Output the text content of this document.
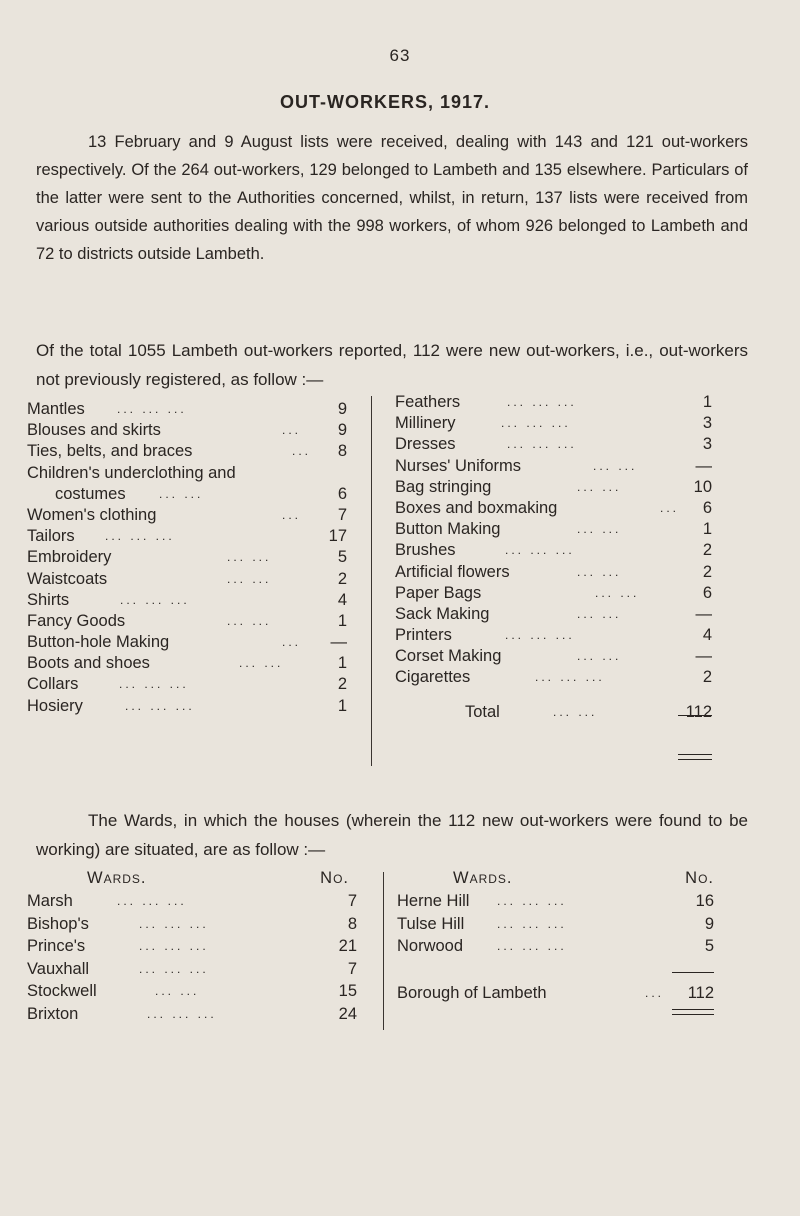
63
OUT-WORKERS, 1917.

13 February and 9 August lists were received, dealing with 143 and 121 out-workers respectively. Of the 264 out-workers, 129 belonged to Lambeth and 135 elsewhere. Particulars of the latter were sent to the Authorities concerned, whilst, in return, 137 lists were received from various outside authorities dealing with the 998 workers, of whom 926 belonged to Lambeth and 72 to districts outside Lambeth.

Of the total 1055 Lambeth out-workers reported, 112 were new out-workers, i.e., out-workers not previously registered, as follow :—

Mantles	... ... ...	9
Blouses and skirts	... 9
Ties, belts, and braces	... 8
Children's underclothing and
costumes	... ...	6
Women's clothing	... 7
Tailors	... ... ...	17
Embroidery	... ...	5
Waistcoats	... ...	2
Shirts	... ... ...	4
Fancy Goods	... ...	1
Button-hole Making	... —
Boots and shoes	... ...	1
Collars	... ... ...	2
Hosiery	... ... ...	1
Feathers	... ... ...	1
Millinery	... ... ...	3
Dresses	... ... ...	3
Nurses' Uniforms	... ...	—
Bag stringing	... ...	10
Boxes and boxmaking	... 6
Button Making	... ...	1
Brushes	... ... ...	2
Artificial flowers	... ...	2
Paper Bags	... ...	6
Sack Making	... ...	—
Printers	... ... ...	4
Corset Making	... ...	—
Cigarettes	... ... ...	2
Total	... ...	112

The Wards, in which the houses (wherein the 112 new out-workers were found to be working) are situated, are as follow :—

Wards.	No.
Marsh	... ... ...	7
Bishop's	... ... ...	8
Prince's	... ... ...	21
Vauxhall	... ... ...	7
Stockwell	... ...	15
Brixton	... ... ...	24
Wards.	No.
Herne Hill ... ... ...	16
Tulse Hill	... ... ...	9
Norwood	... ... ...	5
Borough of Lambeth	... 112
